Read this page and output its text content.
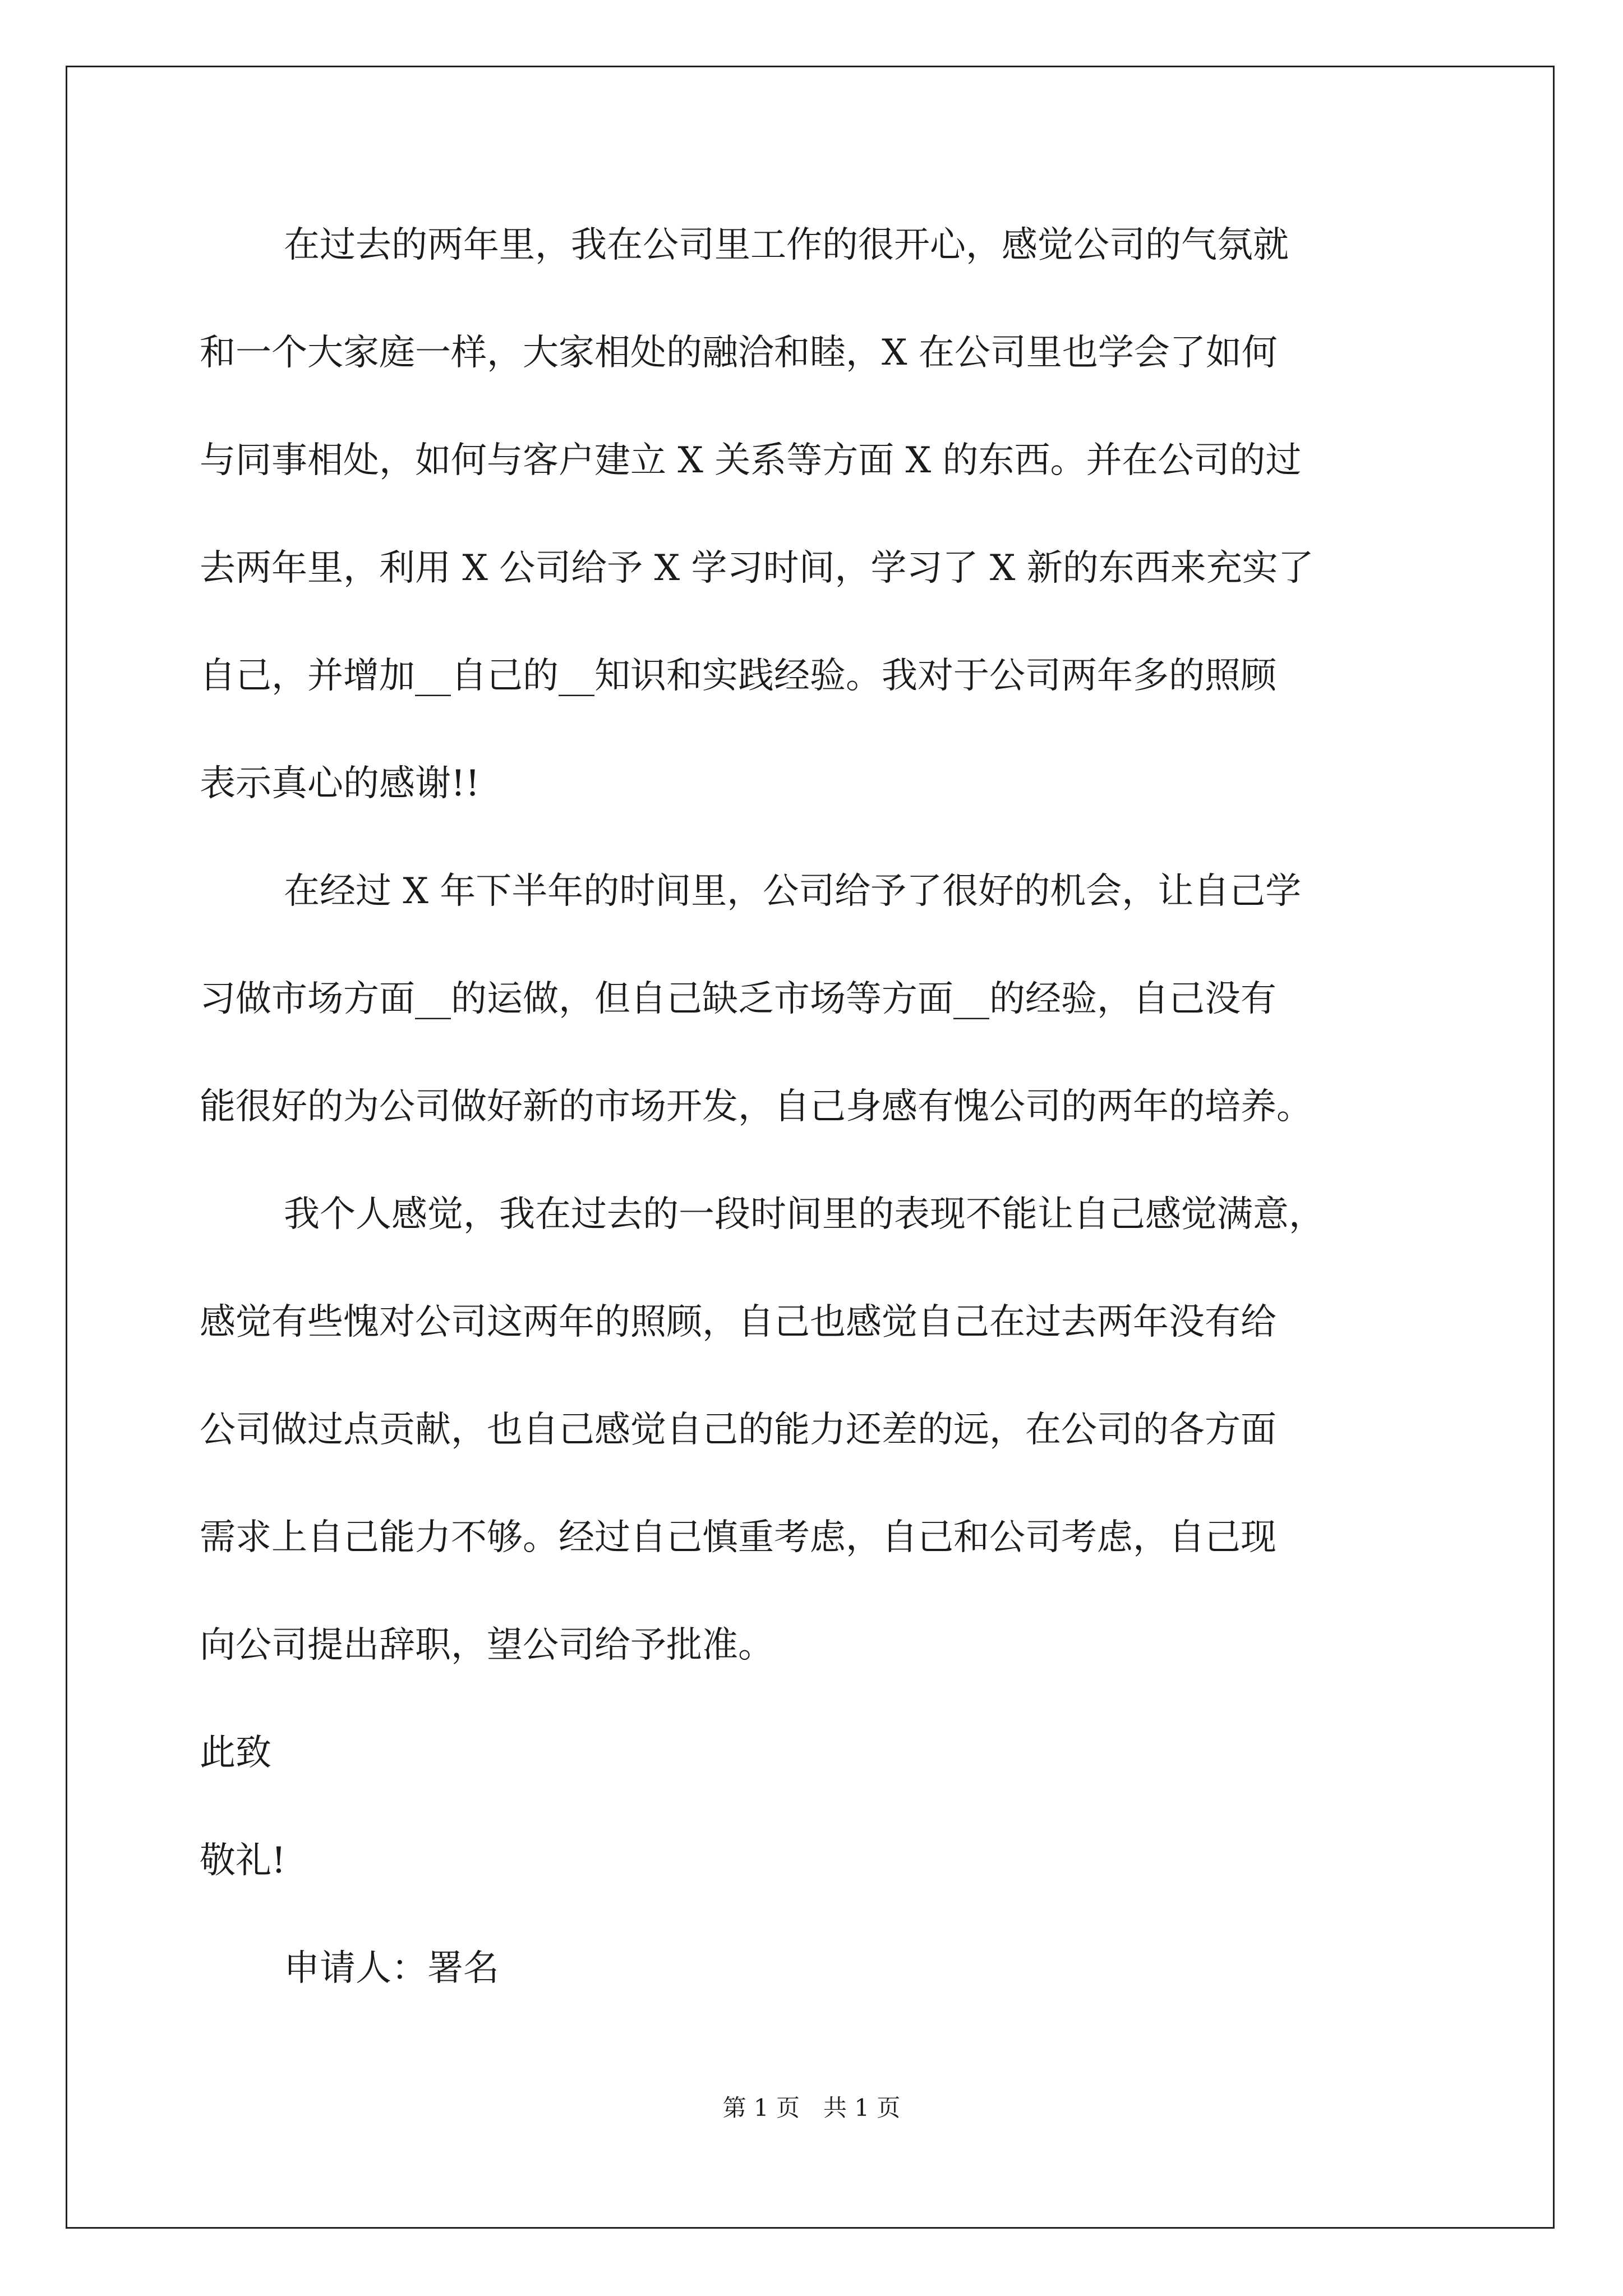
在过去的两年里，我在公司里工作的很开心，感觉公司的气氛就
和一个大家庭一样，大家相处的融洽和睦，X 在公司里也学会了如何
与同事相处，如何与客户建立 X 关系等方面 X 的东西。并在公司的过
去两年里，利用 X 公司给予 X 学习时间，学习了 X 新的东西来充实了
自己，并增加__自己的__知识和实践经验。我对于公司两年多的照顾
表示真心的感谢!!
在经过 X 年下半年的时间里，公司给予了很好的机会，让自己学
习做市场方面__的运做，但自己缺乏市场等方面__的经验，自己没有
能很好的为公司做好新的市场开发，自己身感有愧公司的两年的培养。
我个人感觉，我在过去的一段时间里的表现不能让自己感觉满意，
感觉有些愧对公司这两年的照顾，自己也感觉自己在过去两年没有给
公司做过点贡献，也自己感觉自己的能力还差的远，在公司的各方面
需求上自己能力不够。经过自己慎重考虑，自己和公司考虑，自己现
向公司提出辞职，望公司给予批准。
此致
敬礼!
申请人：署名
第 1 页　共 1 页
